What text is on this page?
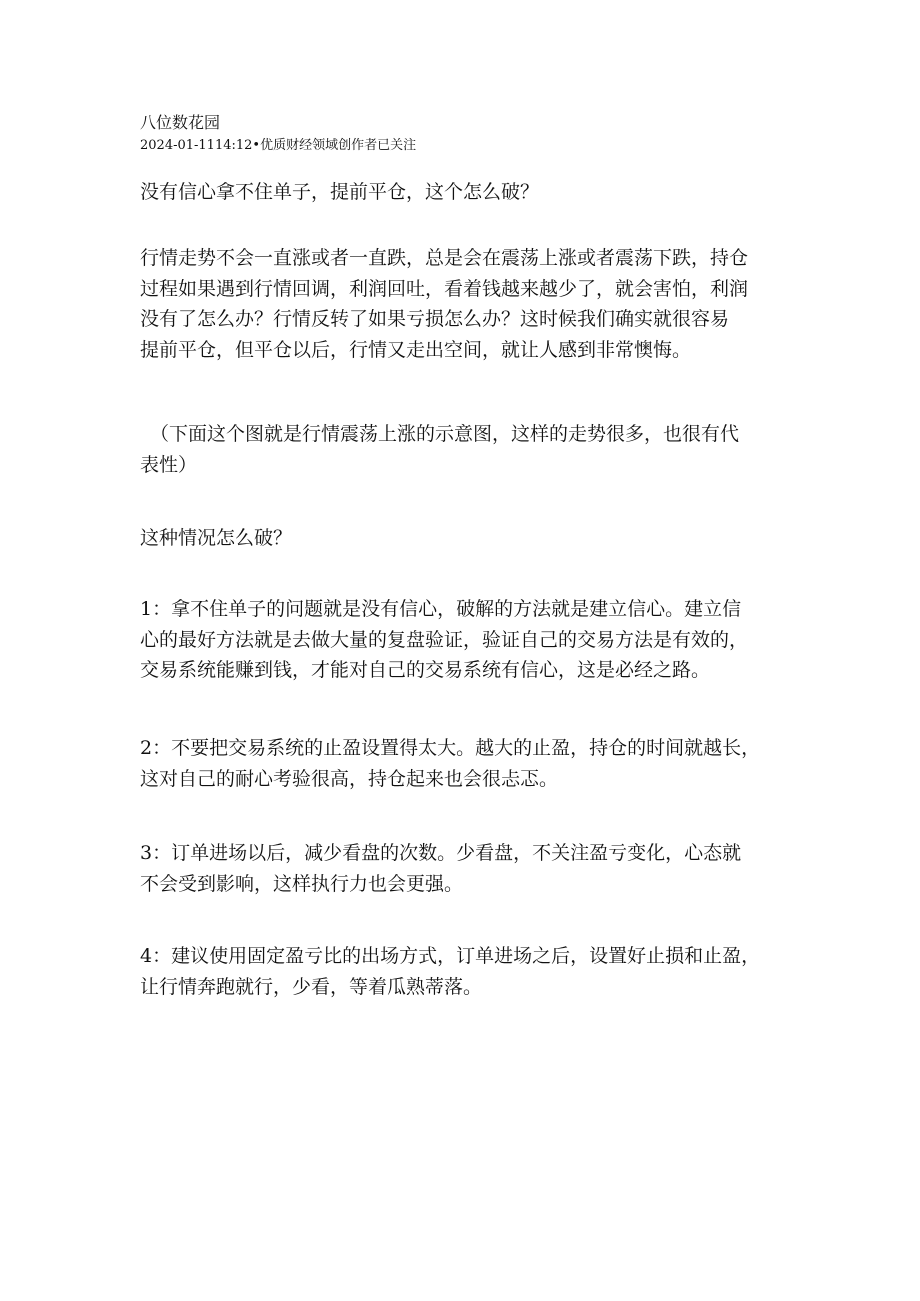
八位数花园
2024-01-1114:12•优质财经领域创作者已关注

没有信心拿不住单子，提前平仓，这个怎么破？

行情走势不会一直涨或者一直跌，总是会在震荡上涨或者震荡下跌，持仓
过程如果遇到行情回调，利润回吐，看着钱越来越少了，就会害怕，利润
没有了怎么办？行情反转了如果亏损怎么办？这时候我们确实就很容易
提前平仓，但平仓以后，行情又走出空间，就让人感到非常懊悔。

（下面这个图就是行情震荡上涨的示意图，这样的走势很多，也很有代
表性）

这种情况怎么破？

1：拿不住单子的问题就是没有信心，破解的方法就是建立信心。建立信
心的最好方法就是去做大量的复盘验证，验证自己的交易方法是有效的，
交易系统能赚到钱，才能对自己的交易系统有信心，这是必经之路。

2：不要把交易系统的止盈设置得太大。越大的止盈，持仓的时间就越长，
这对自己的耐心考验很高，持仓起来也会很忐忑。

3：订单进场以后，减少看盘的次数。少看盘，不关注盈亏变化，心态就
不会受到影响，这样执行力也会更强。

4：建议使用固定盈亏比的出场方式，订单进场之后，设置好止损和止盈，
让行情奔跑就行，少看，等着瓜熟蒂落。
